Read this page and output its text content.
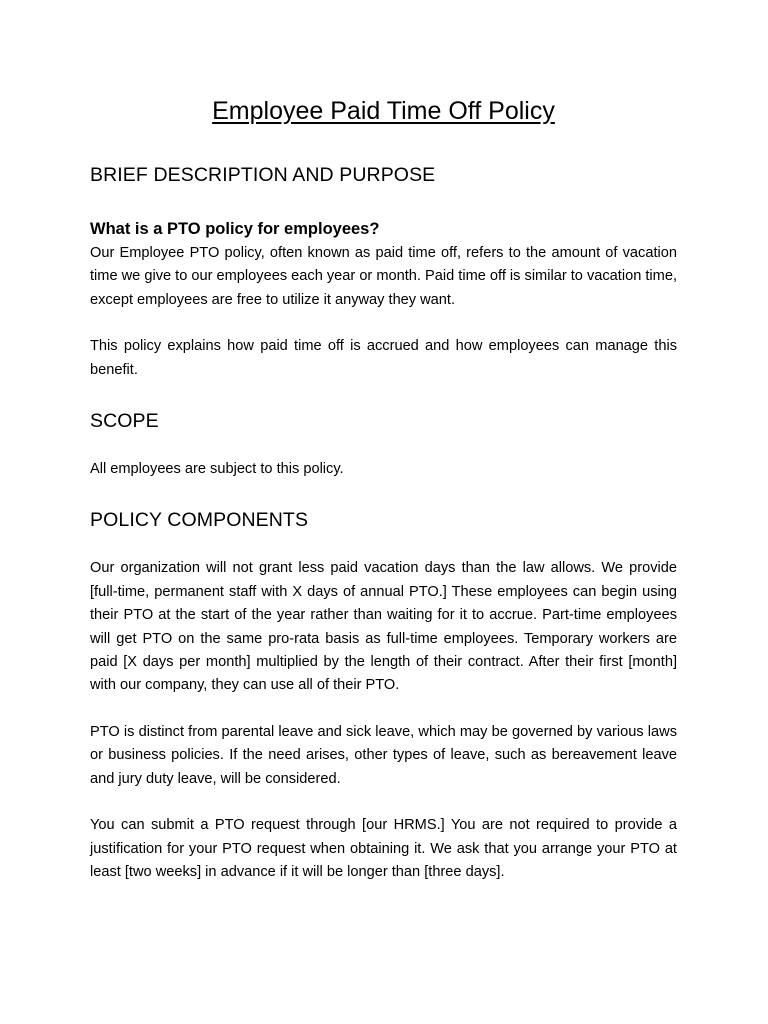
Employee Paid Time Off Policy
BRIEF DESCRIPTION AND PURPOSE
What is a PTO policy for employees?

Our Employee PTO policy, often known as paid time off, refers to the amount of vacation time we give to our employees each year or month. Paid time off is similar to vacation time, except employees are free to utilize it anyway they want.

This policy explains how paid time off is accrued and how employees can manage this benefit.

SCOPE

All employees are subject to this policy.

POLICY COMPONENTS

Our organization will not grant less paid vacation days than the law allows. We provide [full-time, permanent staff with X days of annual PTO.] These employees can begin using their PTO at the start of the year rather than waiting for it to accrue. Part-time employees will get PTO on the same pro-rata basis as full-time employees. Temporary workers are paid [X days per month] multiplied by the length of their contract. After their first [month] with our company, they can use all of their PTO.

PTO is distinct from parental leave and sick leave, which may be governed by various laws or business policies. If the need arises, other types of leave, such as bereavement leave and jury duty leave, will be considered.

You can submit a PTO request through [our HRMS.] You are not required to provide a justification for your PTO request when obtaining it. We ask that you arrange your PTO at least [two weeks] in advance if it will be longer than [three days].
